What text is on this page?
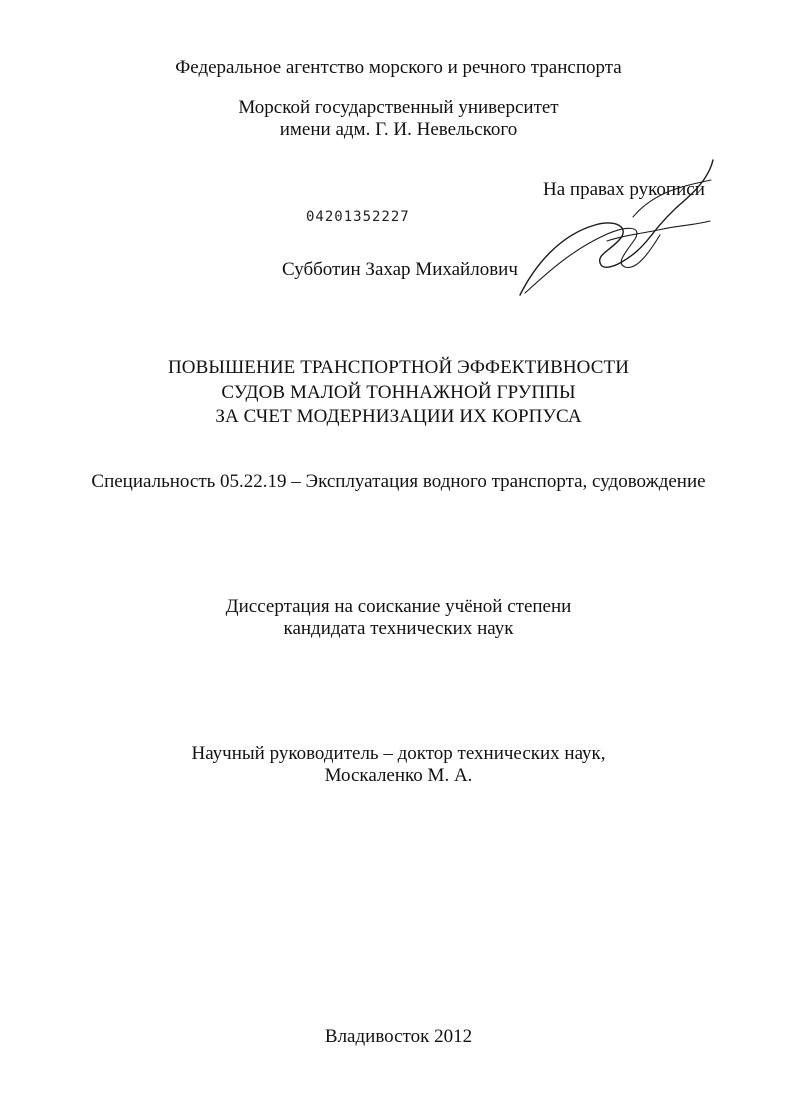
Федеральное агентство морского и речного транспорта
Морской государственный университет
имени адм. Г. И. Невельского
На правах рукописи
04201352227
Субботин Захар Михайлович
ПОВЫШЕНИЕ ТРАНСПОРТНОЙ ЭФФЕКТИВНОСТИ
СУДОВ МАЛОЙ ТОННАЖНОЙ ГРУППЫ
ЗА СЧЕТ МОДЕРНИЗАЦИИ ИХ КОРПУСА
Специальность 05.22.19 – Эксплуатация водного транспорта, судовождение
Диссертация на соискание учёной степени
кандидата технических наук
Научный руководитель – доктор технических наук,
Москаленко М. А.
Владивосток 2012
